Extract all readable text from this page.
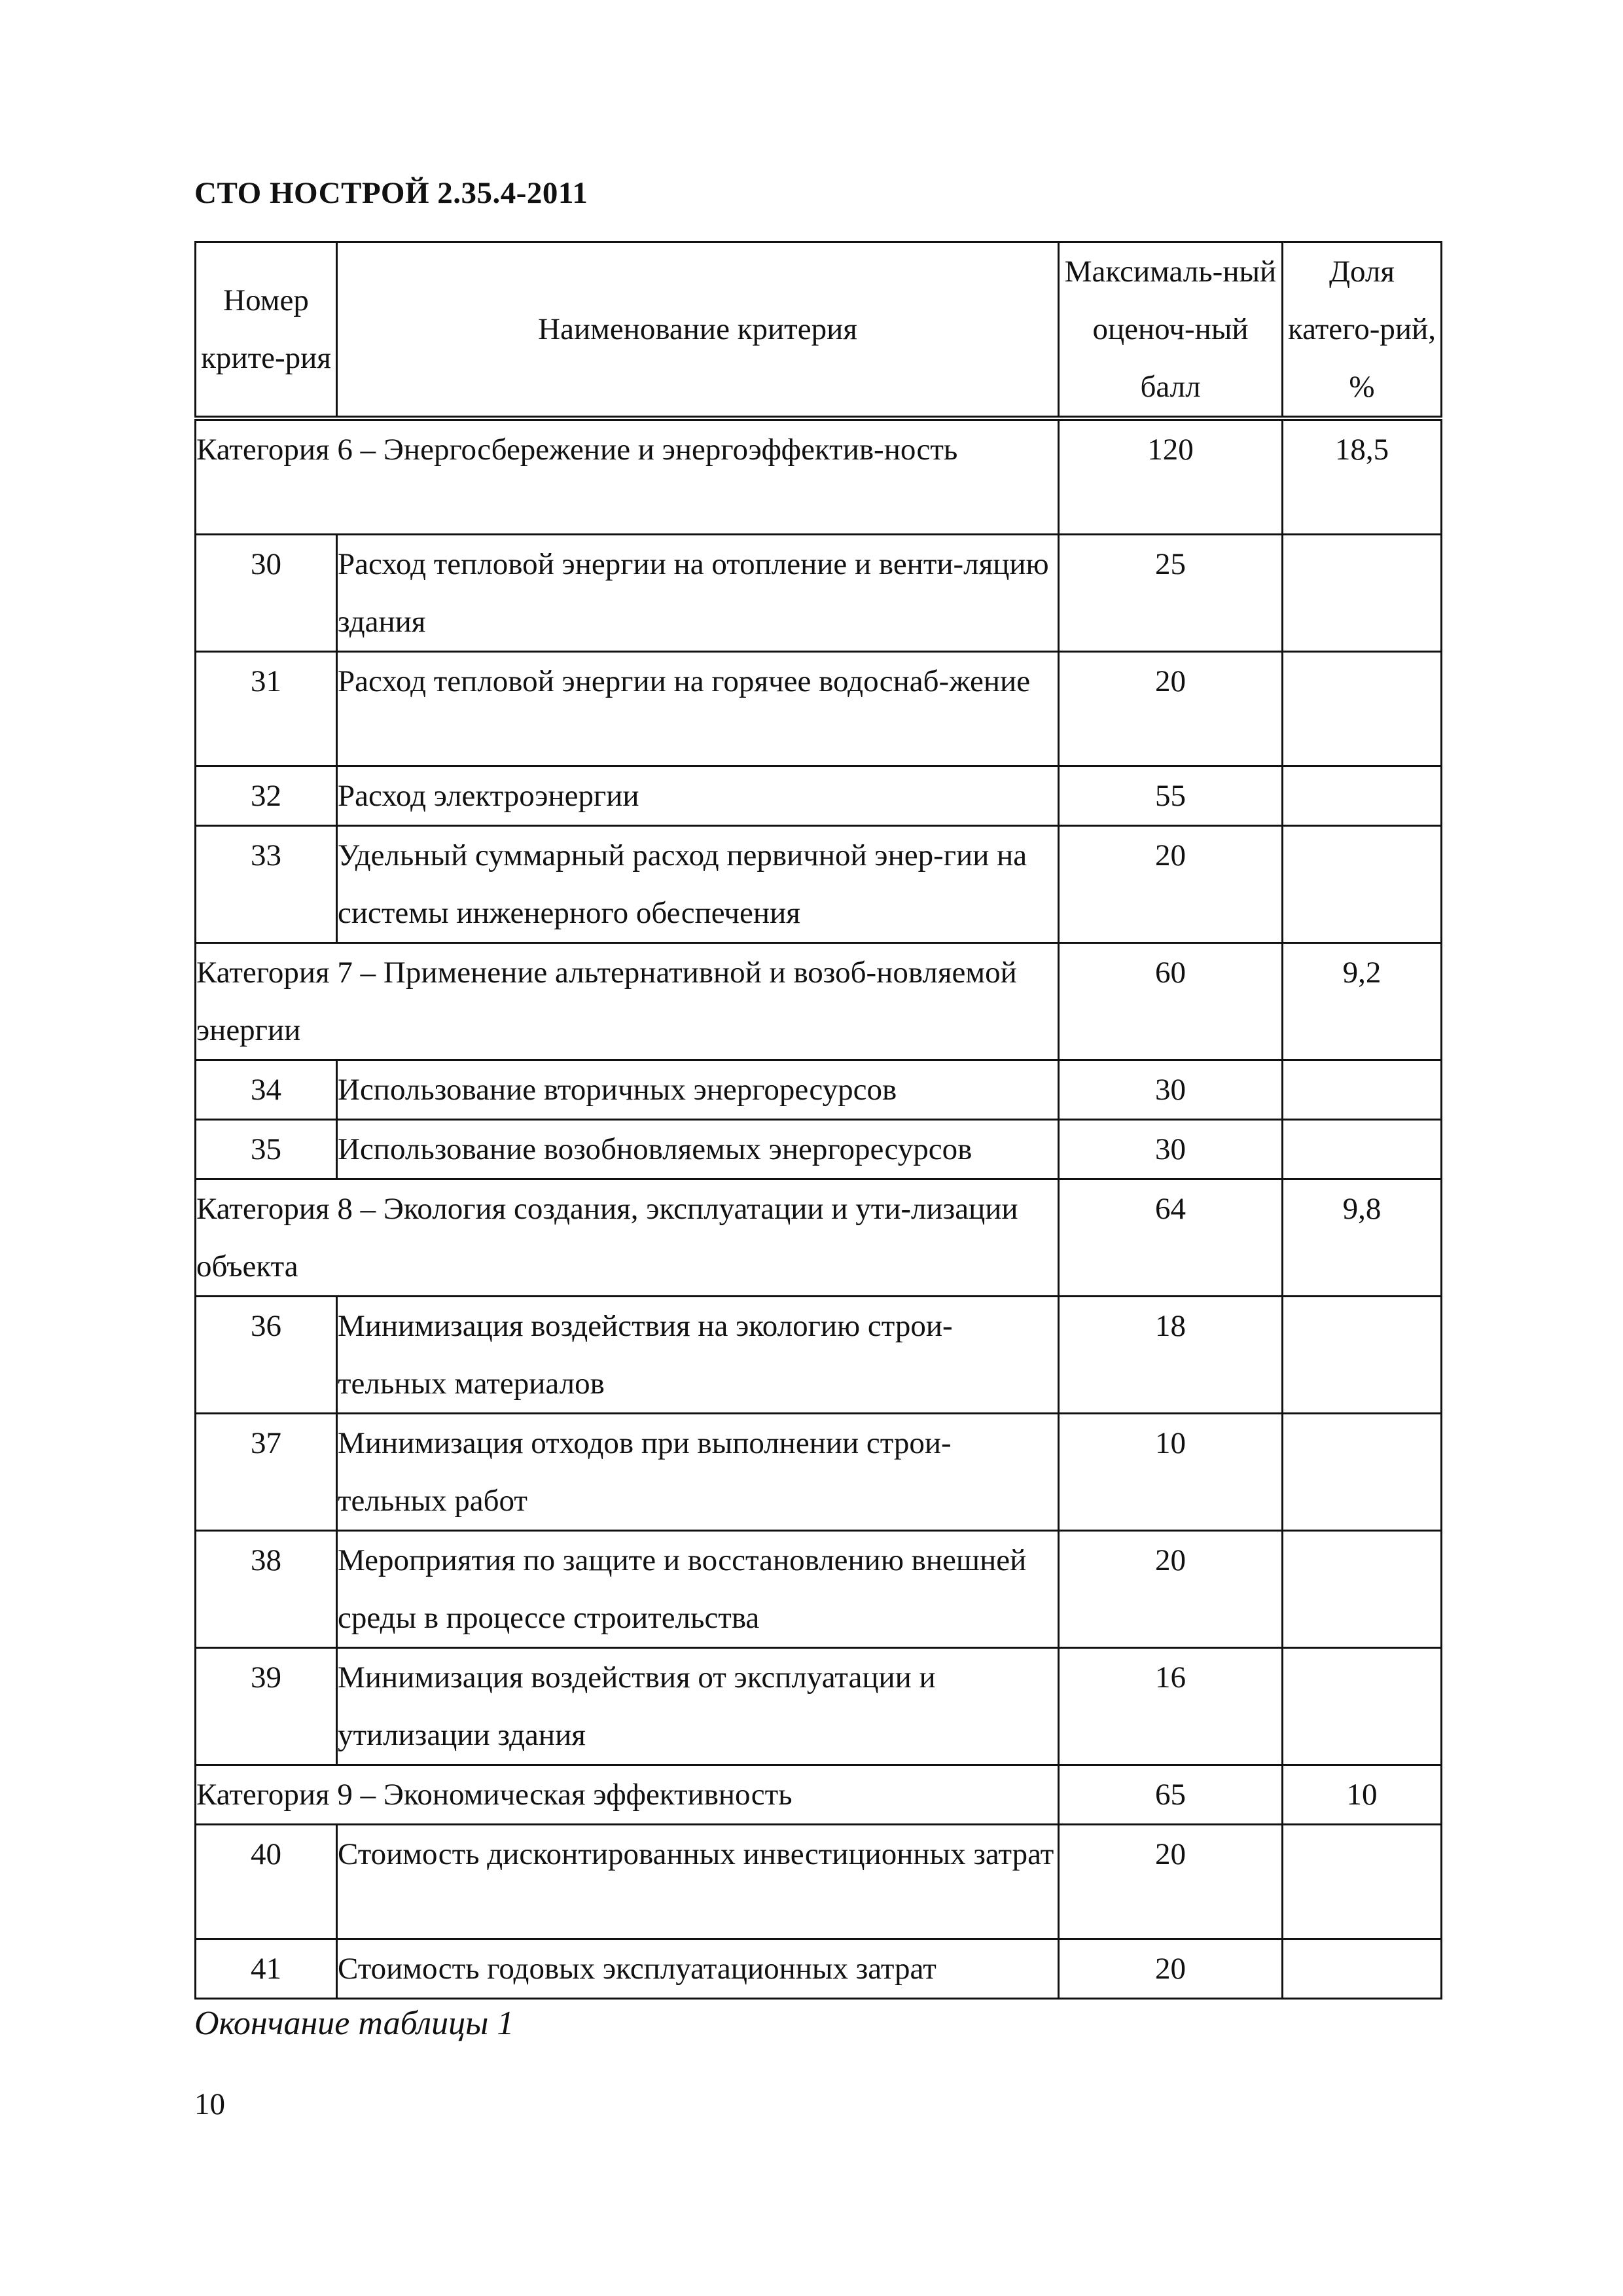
СТО НОСТРОЙ 2.35.4-2011
Номер крите-рия	Наименование критерия	Максималь-ный оценоч-ный балл	Доля катего-рий, %
Категория 6 – Энергосбережение и энергоэффектив-ность		120	18,5
30	Расход тепловой энергии на отопление и венти-ляцию здания	25	
31	Расход тепловой энергии на горячее водоснаб-жение	20	
32	Расход электроэнергии	55	
33	Удельный суммарный расход первичной энер-гии на системы инженерного обеспечения	20	
Категория 7 – Применение альтернативной и возоб-новляемой энергии		60	9,2
34	Использование вторичных энергоресурсов	30	
35	Использование возобновляемых энергоресурсов	30	
Категория 8 – Экология создания, эксплуатации и ути-лизации объекта		64	9,8
36	Минимизация воздействия на экологию строи-тельных материалов	18	
37	Минимизация отходов при выполнении строи-тельных работ	10	
38	Мероприятия по защите и восстановлению внешней среды в процессе строительства	20	
39	Минимизация воздействия от эксплуатации и утилизации здания	16	
Категория 9 – Экономическая эффективность		65	10
40	Стоимость дисконтированных инвестиционных затрат	20	
41	Стоимость годовых эксплуатационных затрат	20	
Окончание таблицы 1
10
